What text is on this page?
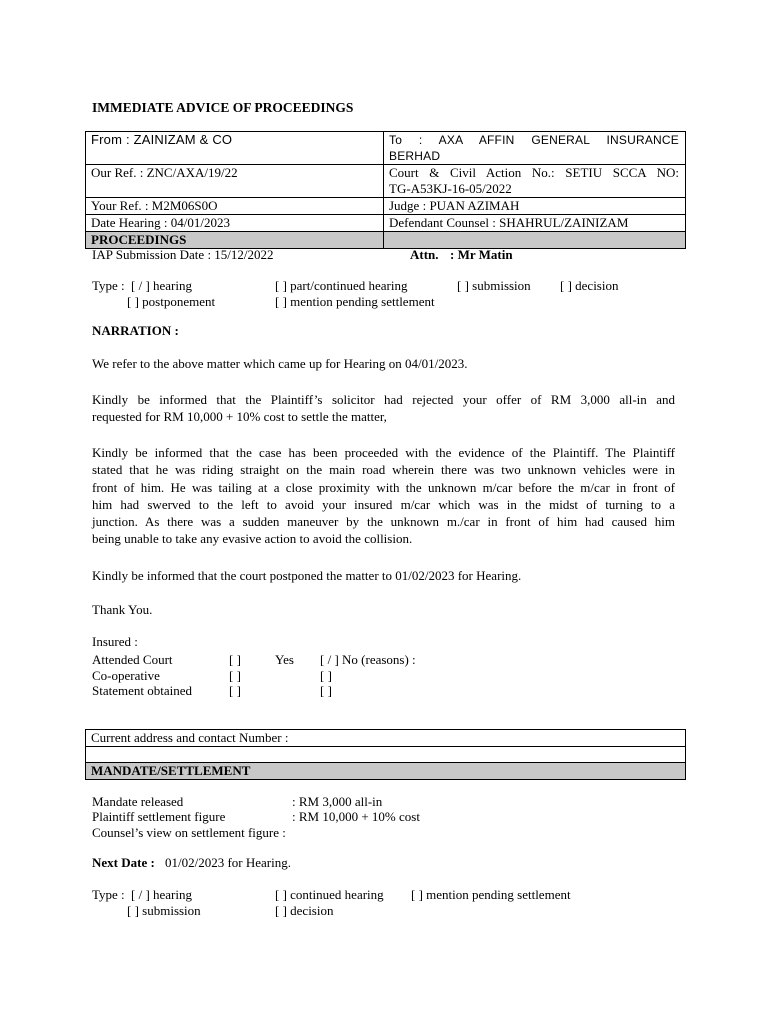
IMMEDIATE ADVICE OF PROCEEDINGS
From : ZAINIZAM & CO	To : AXA AFFIN GENERAL INSURANCE
BERHAD

Our Ref. : ZNC/AXA/19/22	Court & Civil Action No.: SETIU SCCA NO:
TG-A53KJ-16-05/2022

Your Ref. : M2M06S0O	Judge : PUAN AZIMAH
Date Hearing : 04/01/2023	Defendant Counsel : SHAHRUL/ZAINIZAM
PROCEEDINGS	
IAP Submission Date : 15/12/2022	Attn. : Mr Matin
Type : [ / ] hearing	[ ] part/continued hearing	[ ] submission [ ] decision
[ ] postponement	[ ] mention pending settlement
NARRATION :
We refer to the above matter which came up for Hearing on 04/01/2023.

Kindly be informed that the Plaintiff’s solicitor had rejected your offer of RM 3,000 all-in and

requested for RM 10,000 + 10% cost to settle the matter,

Kindly be informed that the case has been proceeded with the evidence of the Plaintiff. The Plaintiff

stated that he was riding straight on the main road wherein there was two unknown vehicles were in

front of him. He was tailing at a close proximity with the unknown m/car before the m/car in front of

him had swerved to the left to avoid your insured m/car which was in the midst of turning to a

junction. As there was a sudden maneuver by the unknown m./car in front of him had caused him

being unable to take any evasive action to avoid the collision.

Kindly be informed that the court postponed the matter to 01/02/2023 for Hearing.
Thank You.
Insured :
Attended Court	[ ]	Yes [ / ] No (reasons) :
Co-operative	[ ]	[ ]
Statement obtained	[ ]	[ ]
Current address and contact Number :

MANDATE/SETTLEMENT
Mandate released	: RM 3,000 all-in
Plaintiff settlement figure	: RM 10,000 + 10% cost
Counsel’s view on settlement figure :
Next Date : 01/02/2023 for Hearing.
Type : [ / ] hearing	[ ] continued hearing [ ] mention pending settlement
[ ] submission	[ ] decision
